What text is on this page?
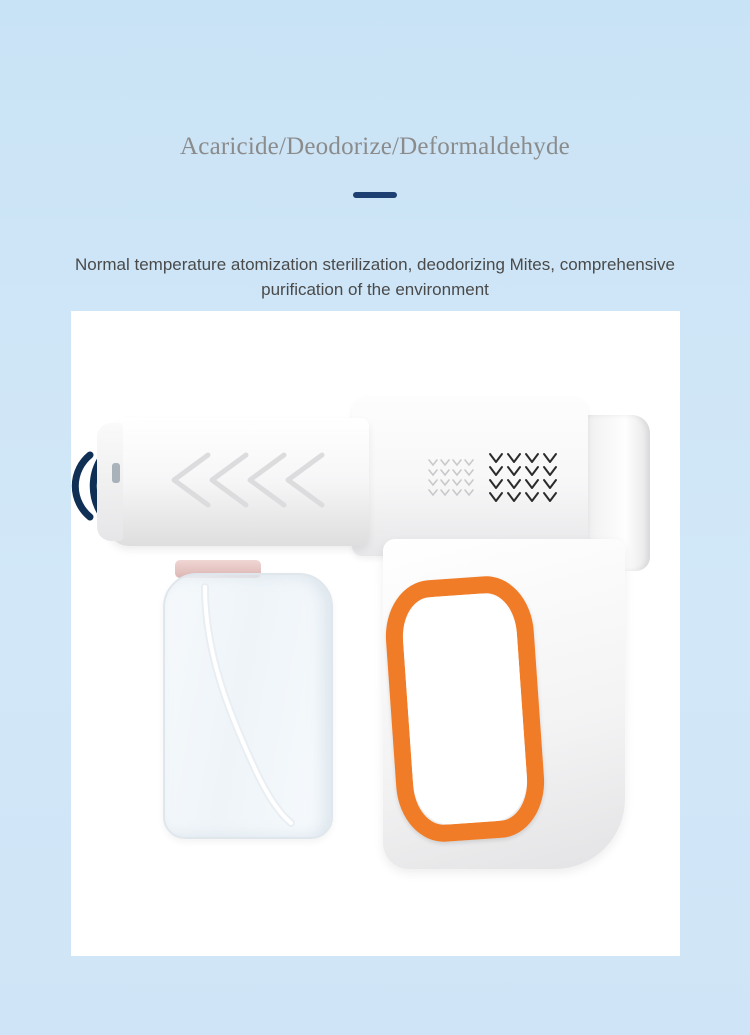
Acaricide/Deodorize/Deformaldehyde
Normal temperature atomization sterilization, deodorizing Mites, comprehensive purification of the environment
